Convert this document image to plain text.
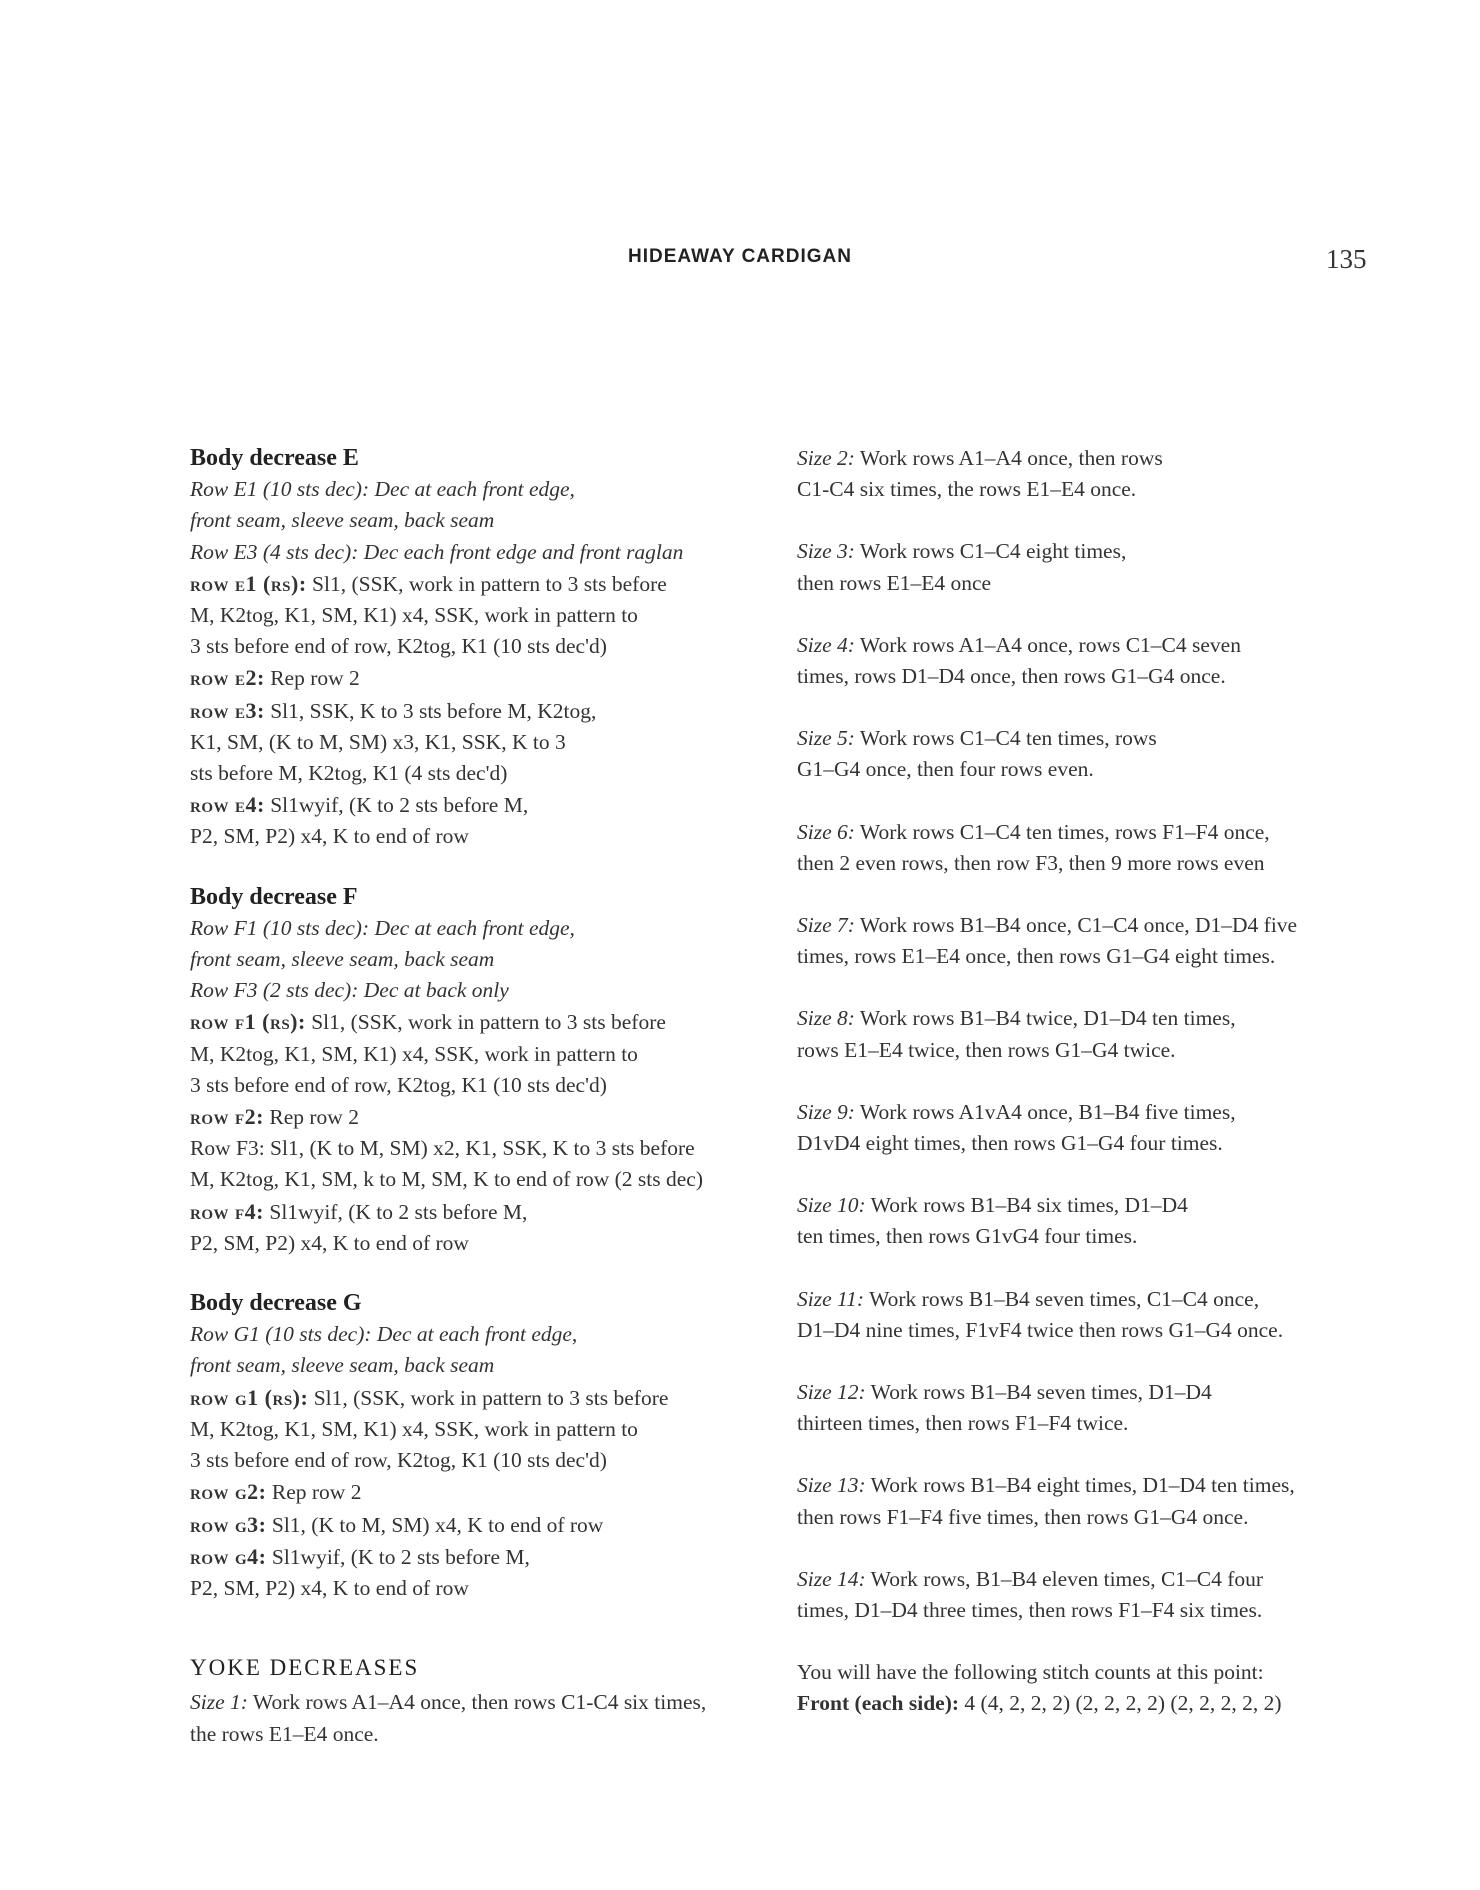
HIDEAWAY CARDIGAN	135
Body decrease E
Row E1 (10 sts dec): Dec at each front edge,
front seam, sleeve seam, back seam
Row E3 (4 sts dec): Dec each front edge and front raglan
row e1 (rs): Sl1, (SSK, work in pattern to 3 sts before
M, K2tog, K1, SM, K1) x4, SSK, work in pattern to
3 sts before end of row, K2tog, K1 (10 sts dec'd)
row e2: Rep row 2
row e3: Sl1, SSK, K to 3 sts before M, K2tog,
K1, SM, (K to M, SM) x3, K1, SSK, K to 3
sts before M, K2tog, K1 (4 sts dec'd)
row e4: Sl1wyif, (K to 2 sts before M,
P2, SM, P2) x4, K to end of row
Body decrease F
Row F1 (10 sts dec): Dec at each front edge,
front seam, sleeve seam, back seam
Row F3 (2 sts dec): Dec at back only
row f1 (rs): Sl1, (SSK, work in pattern to 3 sts before
M, K2tog, K1, SM, K1) x4, SSK, work in pattern to
3 sts before end of row, K2tog, K1 (10 sts dec'd)
row f2: Rep row 2
Row F3: Sl1, (K to M, SM) x2, K1, SSK, K to 3 sts before
M, K2tog, K1, SM, k to M, SM, K to end of row (2 sts dec)
row f4: Sl1wyif, (K to 2 sts before M,
P2, SM, P2) x4, K to end of row
Body decrease G
Row G1 (10 sts dec): Dec at each front edge,
front seam, sleeve seam, back seam
row g1 (rs): Sl1, (SSK, work in pattern to 3 sts before
M, K2tog, K1, SM, K1) x4, SSK, work in pattern to
3 sts before end of row, K2tog, K1 (10 sts dec'd)
row g2: Rep row 2
row g3: Sl1, (K to M, SM) x4, K to end of row
row g4: Sl1wyif, (K to 2 sts before M,
P2, SM, P2) x4, K to end of row
YOKE DECREASES
Size 1: Work rows A1–A4 once, then rows C1-C4 six times,
the rows E1–E4 once.
Size 2: Work rows A1–A4 once, then rows
C1-C4 six times, the rows E1–E4 once.
Size 3: Work rows C1–C4 eight times,
then rows E1–E4 once
Size 4: Work rows A1–A4 once, rows C1–C4 seven
times, rows D1–D4 once, then rows G1–G4 once.
Size 5: Work rows C1–C4 ten times, rows
G1–G4 once, then four rows even.
Size 6: Work rows C1–C4 ten times, rows F1–F4 once,
then 2 even rows, then row F3, then 9 more rows even
Size 7: Work rows B1–B4 once, C1–C4 once, D1–D4 five
times, rows E1–E4 once, then rows G1–G4 eight times.
Size 8: Work rows B1–B4 twice, D1–D4 ten times,
rows E1–E4 twice, then rows G1–G4 twice.
Size 9: Work rows A1vA4 once, B1–B4 five times,
D1vD4 eight times, then rows G1–G4 four times.
Size 10: Work rows B1–B4 six times, D1–D4
ten times, then rows G1vG4 four times.
Size 11: Work rows B1–B4 seven times, C1–C4 once,
D1–D4 nine times, F1vF4 twice then rows G1–G4 once.
Size 12: Work rows B1–B4 seven times, D1–D4
thirteen times, then rows F1–F4 twice.
Size 13: Work rows B1–B4 eight times, D1–D4 ten times,
then rows F1–F4 five times, then rows G1–G4 once.
Size 14: Work rows, B1–B4 eleven times, C1–C4 four
times, D1–D4 three times, then rows F1–F4 six times.
You will have the following stitch counts at this point:
Front (each side): 4 (4, 2, 2, 2) (2, 2, 2, 2) (2, 2, 2, 2, 2)
